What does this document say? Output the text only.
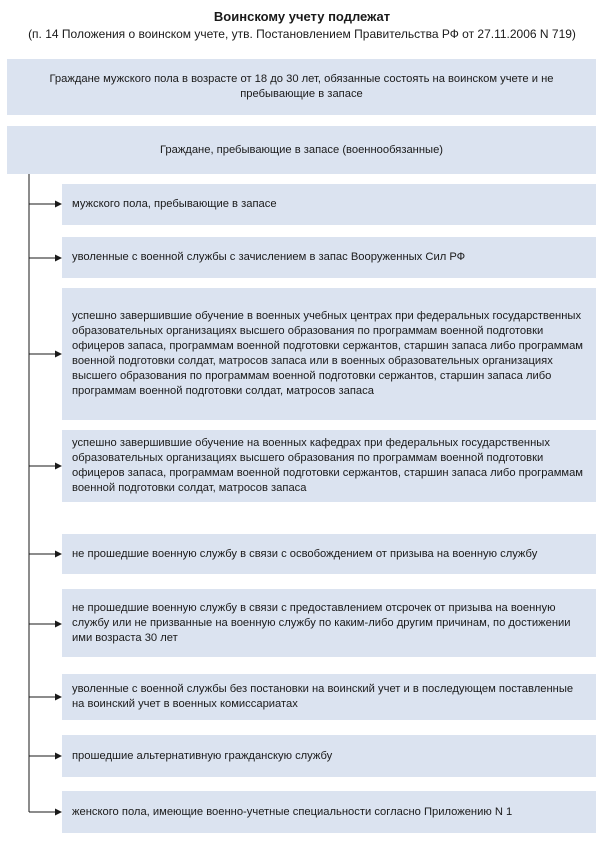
Воинскому учету подлежат
(п. 14 Положения о воинском учете, утв. Постановлением Правительства РФ от 27.11.2006 N 719)
Граждане мужского пола в возрасте от 18 до 30 лет, обязанные состоять на воинском учете и не пребывающие в запасе
Граждане, пребывающие в запасе (военнообязанные)
мужского пола, пребывающие в запасе
уволенные с военной службы с зачислением в запас Вооруженных Сил РФ
успешно завершившие обучение в военных учебных центрах при федеральных государственных образовательных организациях высшего образования по программам военной подготовки офицеров запаса, программам военной подготовки сержантов, старшин запаса либо программам военной подготовки солдат, матросов запаса или в военных образовательных организациях высшего образования по программам военной подготовки сержантов, старшин запаса либо программам военной подготовки солдат, матросов запаса
успешно завершившие обучение на военных кафедрах при федеральных государственных образовательных организациях высшего образования по программам военной подготовки офицеров запаса, программам военной подготовки сержантов, старшин запаса либо программам военной подготовки солдат, матросов запаса
не прошедшие военную службу в связи с освобождением от призыва на военную службу
не прошедшие военную службу в связи с предоставлением отсрочек от призыва на военную службу или не призванные на военную службу по каким-либо другим причинам, по достижении ими возраста 30 лет
уволенные с военной службы без постановки на воинский учет и в последующем поставленные на воинский учет в военных комиссариатах
прошедшие альтернативную гражданскую службу
женского пола, имеющие военно-учетные специальности согласно Приложению N 1
